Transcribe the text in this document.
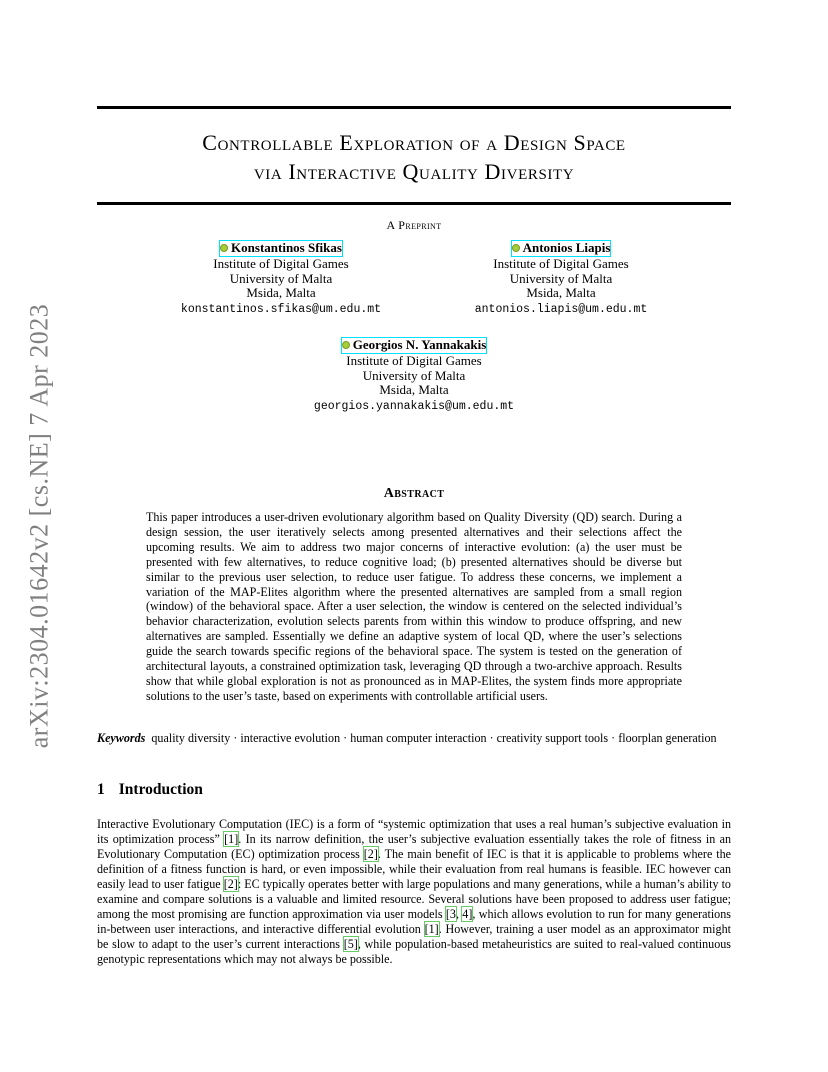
arXiv:2304.01642v2 [cs.NE] 7 Apr 2023
Controllable Exploration of a Design Space
via Interactive Quality Diversity
A Preprint
Konstantinos Sfikas
Institute of Digital Games
University of Malta
Msida, Malta
konstantinos.sfikas@um.edu.mt
Antonios Liapis
Institute of Digital Games
University of Malta
Msida, Malta
antonios.liapis@um.edu.mt
Georgios N. Yannakakis
Institute of Digital Games
University of Malta
Msida, Malta
georgios.yannakakis@um.edu.mt
Abstract
This paper introduces a user-driven evolutionary algorithm based on Quality Diversity (QD) search. During a design session, the user iteratively selects among presented alternatives and their selections affect the upcoming results. We aim to address two major concerns of interactive evolution: (a) the user must be presented with few alternatives, to reduce cognitive load; (b) presented alternatives should be diverse but similar to the previous user selection, to reduce user fatigue. To address these concerns, we implement a variation of the MAP-Elites algorithm where the presented alternatives are sampled from a small region (window) of the behavioral space. After a user selection, the window is centered on the selected individual’s behavior characterization, evolution selects parents from within this window to produce offspring, and new alternatives are sampled. Essentially we define an adaptive system of local QD, where the user’s selections guide the search towards specific regions of the behavioral space. The system is tested on the generation of architectural layouts, a constrained optimization task, leveraging QD through a two-archive approach. Results show that while global exploration is not as pronounced as in MAP-Elites, the system finds more appropriate solutions to the user’s taste, based on experiments with controllable artificial users.
Keywords quality diversity · interactive evolution · human computer interaction · creativity support tools · floorplan generation
1 Introduction
Interactive Evolutionary Computation (IEC) is a form of “systemic optimization that uses a real human’s subjective evaluation in its optimization process” [1]. In its narrow definition, the user’s subjective evaluation essentially takes the role of fitness in an Evolutionary Computation (EC) optimization process [2]. The main benefit of IEC is that it is applicable to problems where the definition of a fitness function is hard, or even impossible, while their evaluation from real humans is feasible. IEC however can easily lead to user fatigue [2]: EC typically operates better with large populations and many generations, while a human’s ability to examine and compare solutions is a valuable and limited resource. Several solutions have been proposed to address user fatigue; among the most promising are function approximation via user models [3, 4], which allows evolution to run for many generations in-between user interactions, and interactive differential evolution [1]. However, training a user model as an approximator might be slow to adapt to the user’s current interactions [5], while population-based metaheuristics are suited to real-valued continuous genotypic representations which may not always be possible.
